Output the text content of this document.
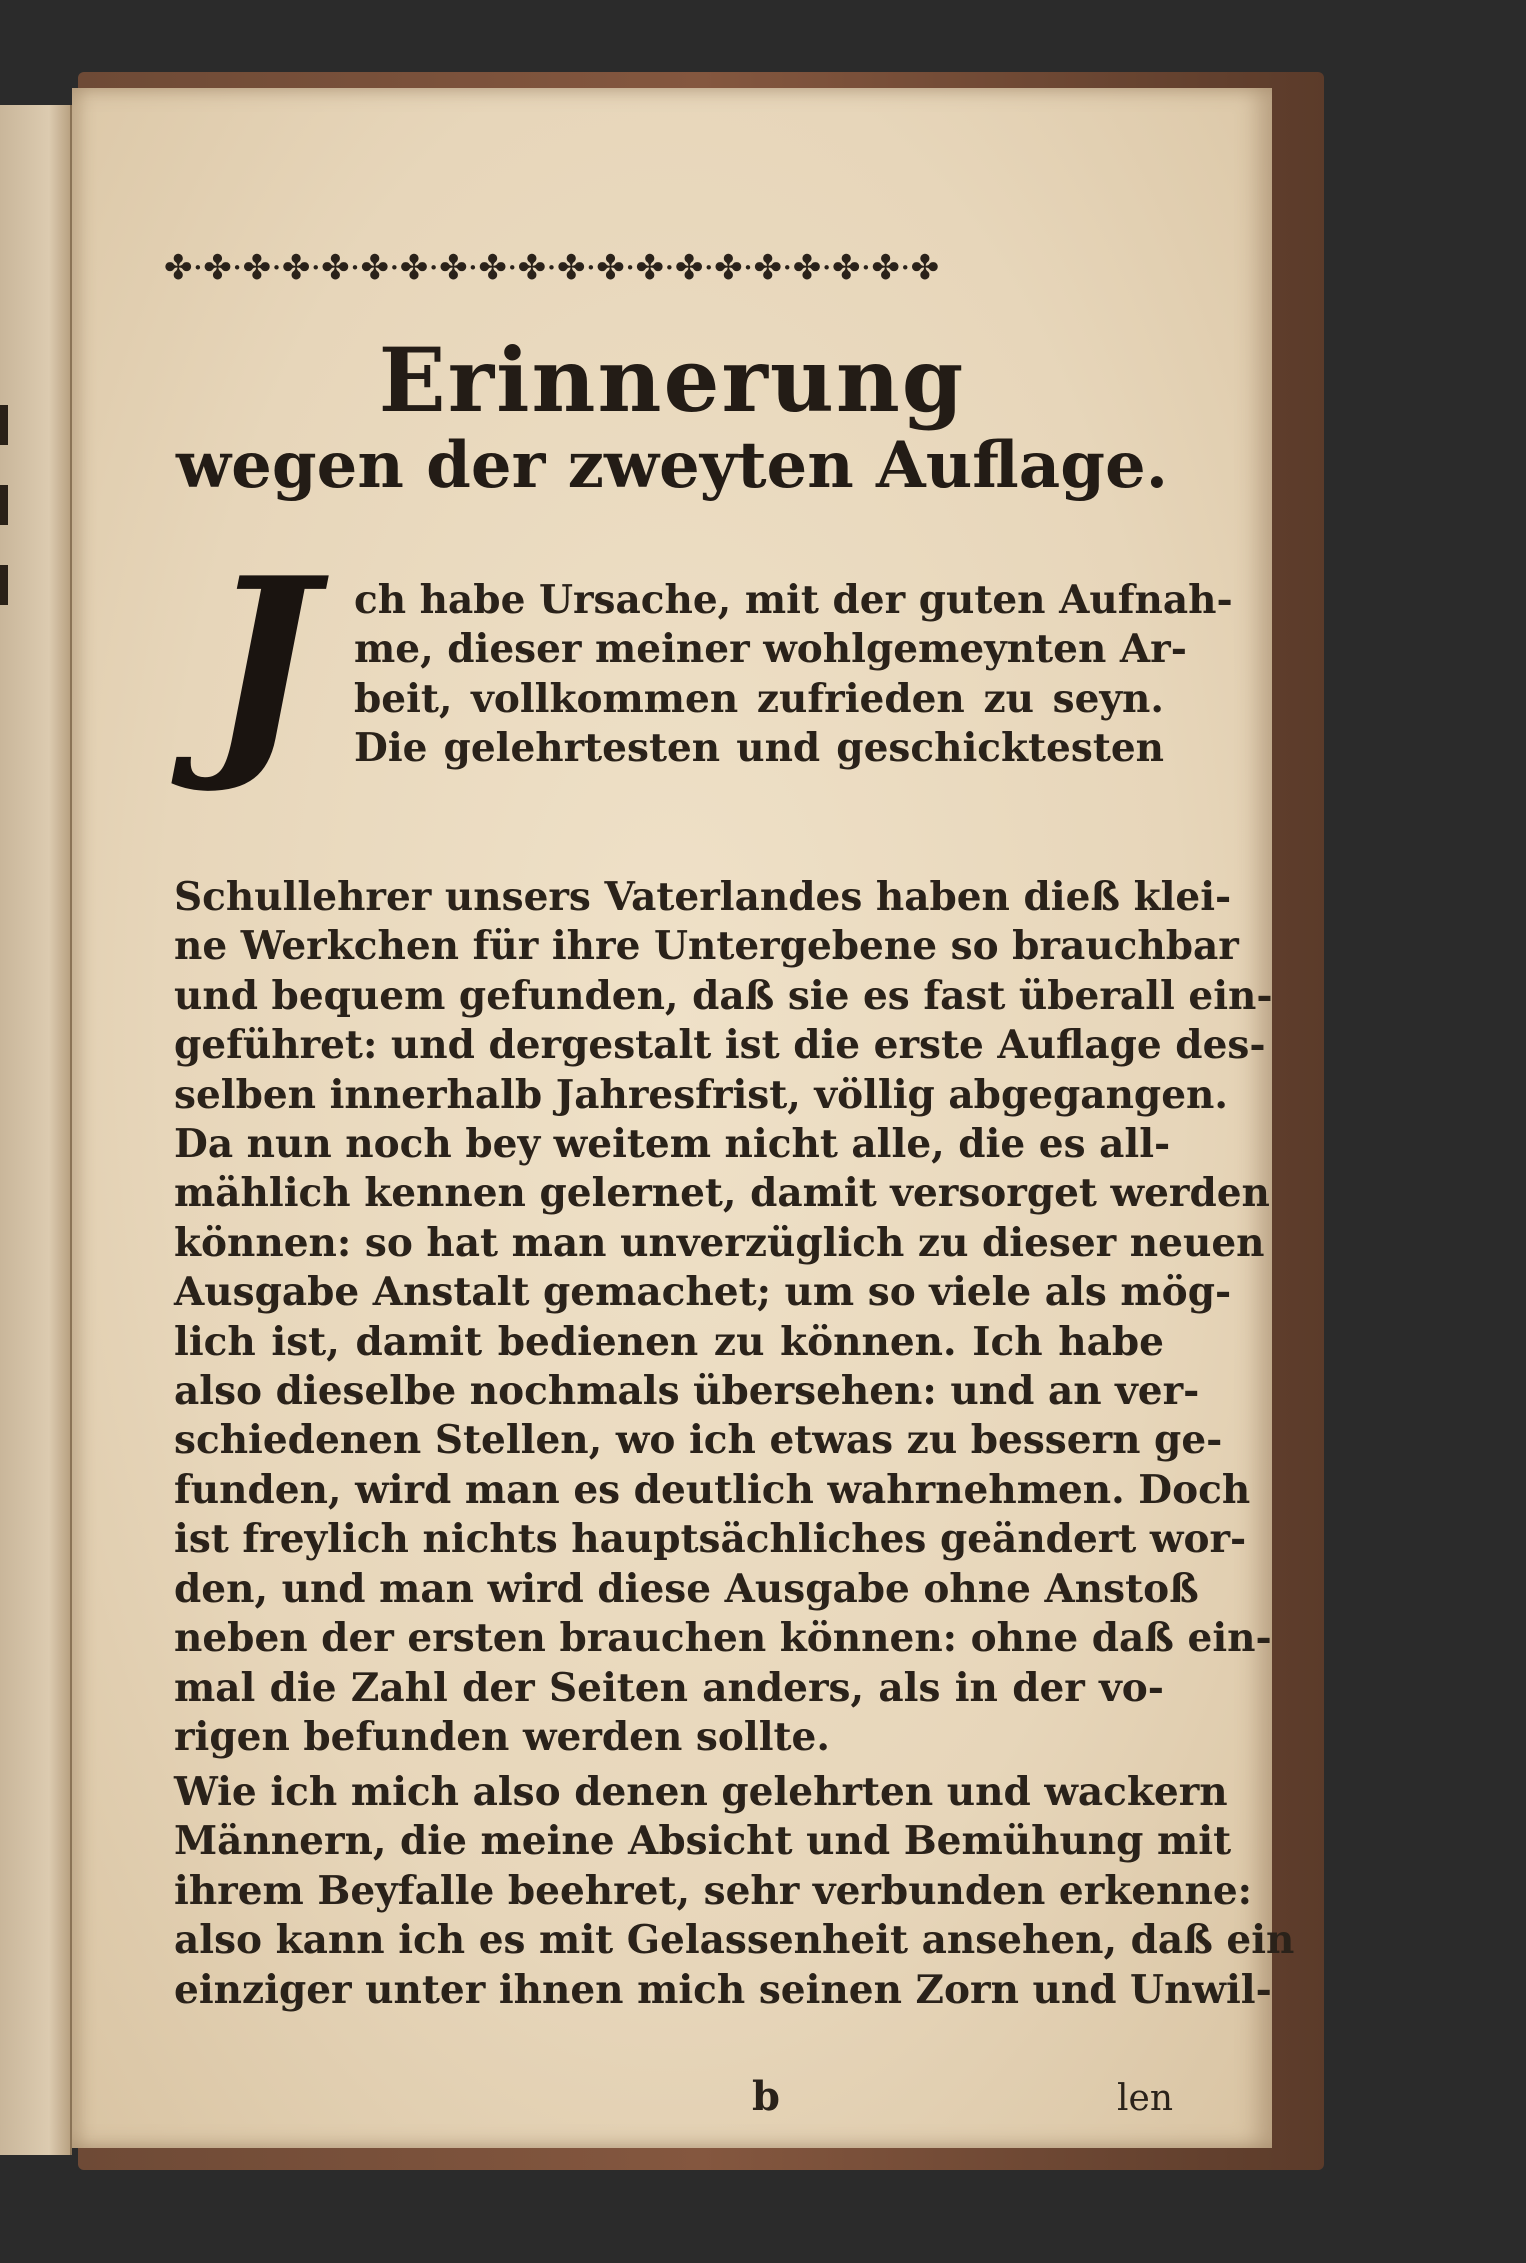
✤·✤·✤·✤·✤·✤·✤·✤·✤·✤·✤·✤·✤·✤·✤·✤·✤·✤·✤·✤
Erinnerung
wegen der zweyten Auflage.
J ch habe Ursache, mit der guten Aufnah-
me, dieser meiner wohlgemeynten Ar-
beit, vollkommen zufrieden zu seyn.
Die gelehrtesten und geschicktesten
Schullehrer unsers Vaterlandes haben dieß klei-
ne Werkchen für ihre Untergebene so brauchbar
und bequem gefunden, daß sie es fast überall ein-
geführet: und dergestalt ist die erste Auflage des-
selben innerhalb Jahresfrist, völlig abgegangen.
Da nun noch bey weitem nicht alle, die es all-
mählich kennen gelernet, damit versorget werden
können: so hat man unverzüglich zu dieser neuen
Ausgabe Anstalt gemachet; um so viele als mög-
lich ist, damit bedienen zu können. Ich habe
also dieselbe nochmals übersehen: und an ver-
schiedenen Stellen, wo ich etwas zu bessern ge-
funden, wird man es deutlich wahrnehmen. Doch
ist freylich nichts hauptsächliches geändert wor-
den, und man wird diese Ausgabe ohne Anstoß
neben der ersten brauchen können: ohne daß ein-
mal die Zahl der Seiten anders, als in der vo-
rigen befunden werden sollte.
Wie ich mich also denen gelehrten und wackern
Männern, die meine Absicht und Bemühung mit
ihrem Beyfalle beehret, sehr verbunden erkenne:
also kann ich es mit Gelassenheit ansehen, daß ein
einziger unter ihnen mich seinen Zorn und Unwil-
b	len
